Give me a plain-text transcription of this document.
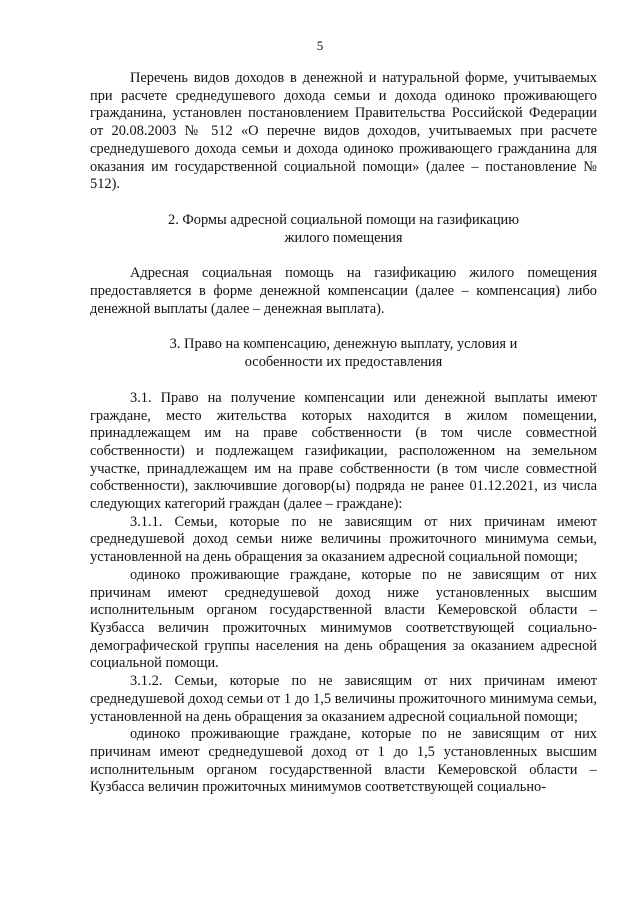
5

Перечень видов доходов в денежной и натуральной форме, учитываемых при расчете среднедушевого дохода семьи и дохода одиноко проживающего гражданина, установлен постановлением Правительства Российской Федерации от 20.08.2003 № 512 «О перечне видов доходов, учитываемых при расчете среднедушевого дохода семьи и дохода одиноко проживающего гражданина для оказания им государственной социальной помощи» (далее – постановление № 512).

2. Формы адресной социальной помощи на газификацию

жилого помещения

Адресная социальная помощь на газификацию жилого помещения предоставляется в форме денежной компенсации (далее – компенсация) либо денежной выплаты (далее – денежная выплата).

3. Право на компенсацию, денежную выплату, условия и

особенности их предоставления

3.1. Право на получение компенсации или денежной выплаты имеют граждане, место жительства которых находится в жилом помещении, принадлежащем им на праве собственности (в том числе совместной собственности) и подлежащем газификации, расположенном на земельном участке, принадлежащем им на праве собственности (в том числе совместной собственности), заключившие договор(ы) подряда не ранее 01.12.2021, из числа следующих категорий граждан (далее – граждане):

3.1.1. Семьи, которые по не зависящим от них причинам имеют среднедушевой доход семьи ниже величины прожиточного минимума семьи, установленной на день обращения за оказанием адресной социальной помощи;

одиноко проживающие граждане, которые по не зависящим от них причинам имеют среднедушевой доход ниже установленных высшим исполнительным органом государственной власти Кемеровской области – Кузбасса величин прожиточных минимумов соответствующей социально-демографической группы населения на день обращения за оказанием адресной социальной помощи.

3.1.2. Семьи, которые по не зависящим от них причинам имеют среднедушевой доход семьи от 1 до 1,5 величины прожиточного минимума семьи, установленной на день обращения за оказанием адресной социальной помощи;

одиноко проживающие граждане, которые по не зависящим от них причинам имеют среднедушевой доход от 1 до 1,5 установленных высшим исполнительным органом государственной власти Кемеровской области – Кузбасса величин прожиточных минимумов соответствующей социально-
